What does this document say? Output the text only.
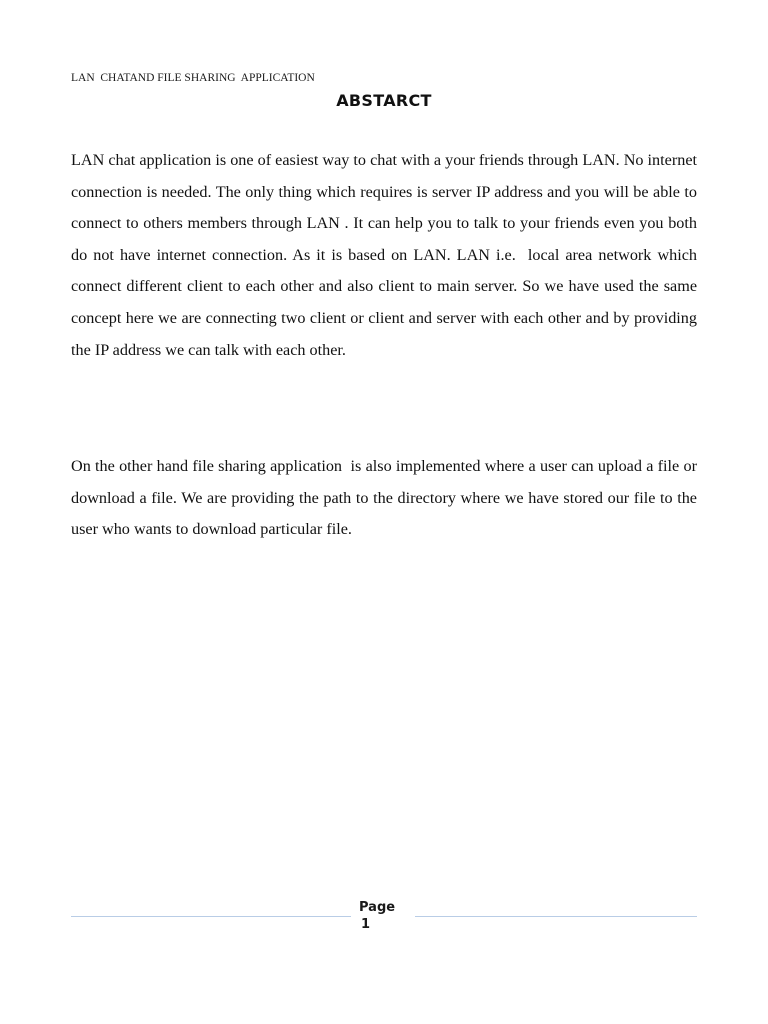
LAN  CHATAND FILE SHARING  APPLICATION
ABSTARCT
LAN chat application is one of easiest way to chat with a your friends through LAN. No internet connection is needed. The only thing which requires is server IP address and you will be able to connect to others members through LAN . It can help you to talk to your friends even you both do not have internet connection. As it is based on LAN. LAN i.e.  local area network which connect different client to each other and also client to main server. So we have used the same concept here we are connecting two client or client and server with each other and by providing the IP address we can talk with each other.
On the other hand file sharing application  is also implemented where a user can upload a file or download a file. We are providing the path to the directory where we have stored our file to the user who wants to download particular file.
Page
1
